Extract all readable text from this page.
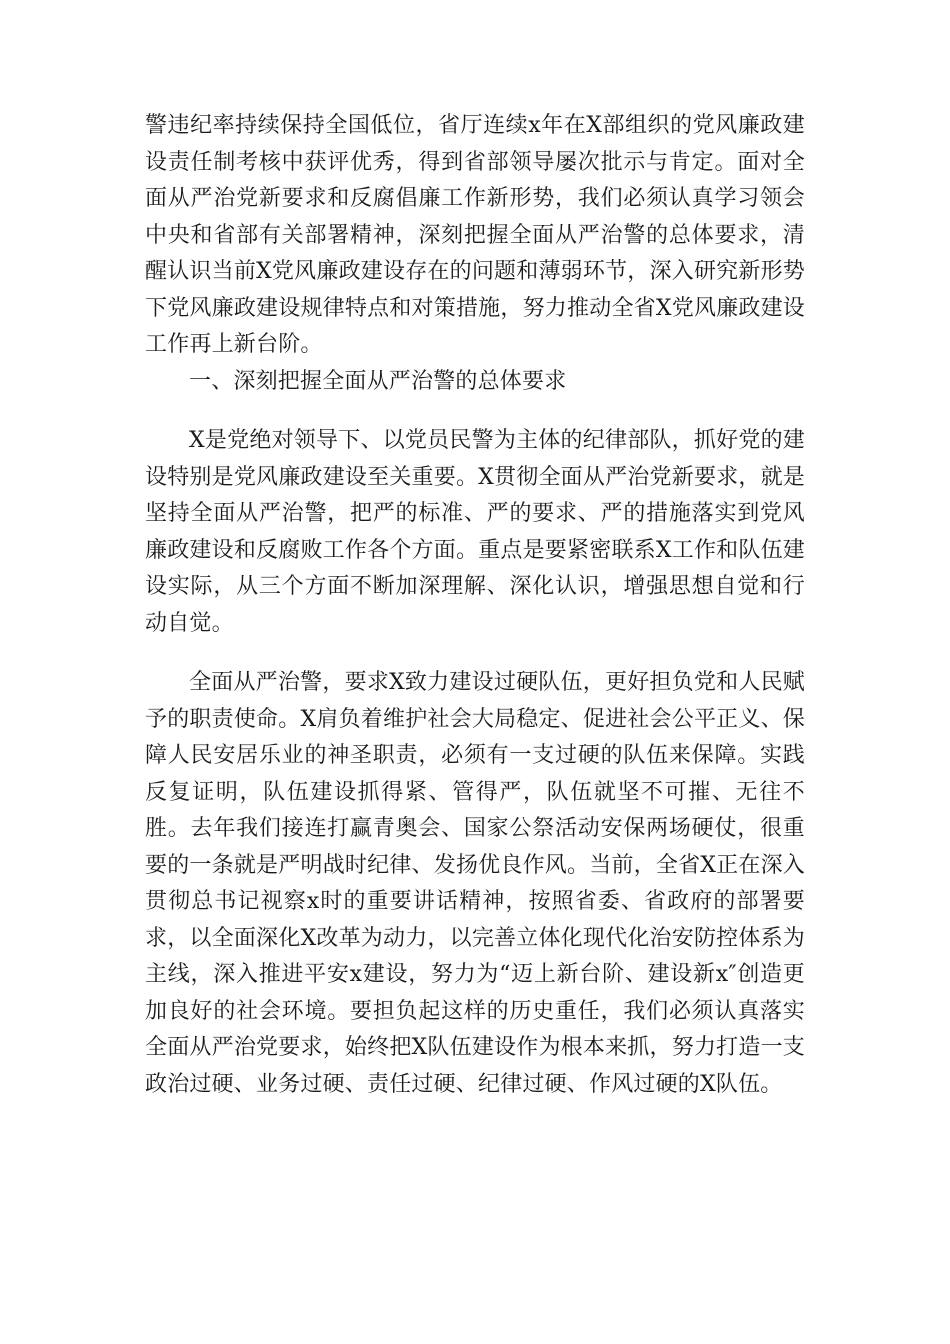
警违纪率持续保持全国低位，省厅连续x年在X部组织的党风廉政建设责任制考核中获评优秀，得到省部领导屡次批示与肯定。面对全面从严治党新要求和反腐倡廉工作新形势，我们必须认真学习领会中央和省部有关部署精神，深刻把握全面从严治警的总体要求，清醒认识当前X党风廉政建设存在的问题和薄弱环节，深入研究新形势下党风廉政建设规律特点和对策措施，努力推动全省X党风廉政建设工作再上新台阶。

一、深刻把握全面从严治警的总体要求

X是党绝对领导下、以党员民警为主体的纪律部队，抓好党的建设特别是党风廉政建设至关重要。X贯彻全面从严治党新要求，就是坚持全面从严治警，把严的标准、严的要求、严的措施落实到党风廉政建设和反腐败工作各个方面。重点是要紧密联系X工作和队伍建设实际，从三个方面不断加深理解、深化认识，增强思想自觉和行动自觉。

全面从严治警，要求X致力建设过硬队伍，更好担负党和人民赋予的职责使命。X肩负着维护社会大局稳定、促进社会公平正义、保障人民安居乐业的神圣职责，必须有一支过硬的队伍来保障。实践反复证明，队伍建设抓得紧、管得严，队伍就坚不可摧、无往不胜。去年我们接连打赢青奥会、国家公祭活动安保两场硬仗，很重要的一条就是严明战时纪律、发扬优良作风。当前，全省X正在深入贯彻总书记视察x时的重要讲话精神，按照省委、省政府的部署要求，以全面深化X改革为动力，以完善立体化现代化治安防控体系为主线，深入推进平安x建设，努力为“迈上新台阶、建设新x″创造更加良好的社会环境。要担负起这样的历史重任，我们必须认真落实全面从严治党要求，始终把X队伍建设作为根本来抓，努力打造一支政治过硬、业务过硬、责任过硬、纪律过硬、作风过硬的X队伍。
